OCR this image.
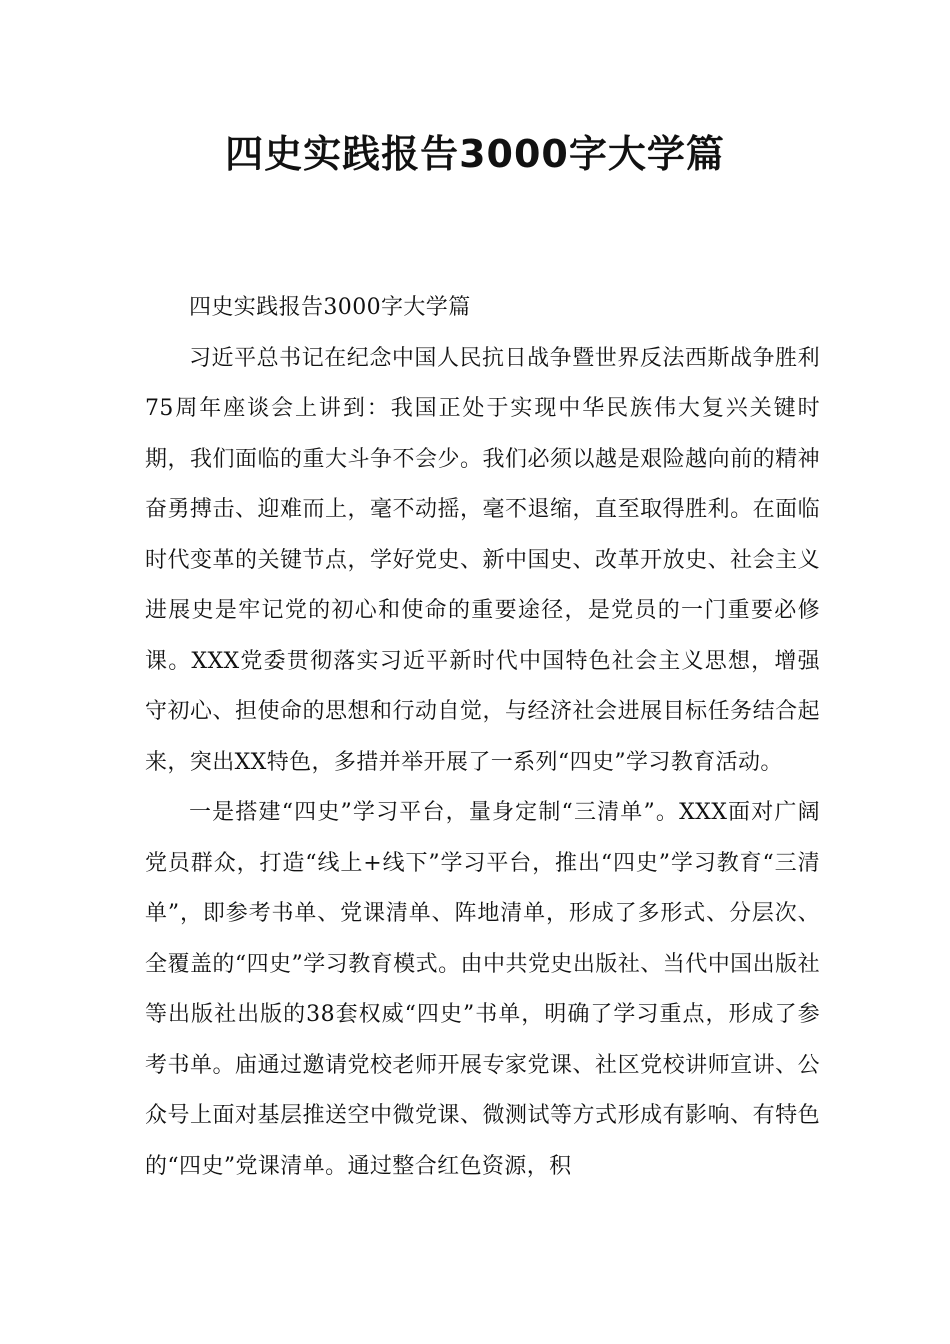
四史实践报告3000字大学篇

四史实践报告3000字大学篇

习近平总书记在纪念中国人民抗日战争暨世界反法西斯战争胜利75周年座谈会上讲到：我国正处于实现中华民族伟大复兴关键时期，我们面临的重大斗争不会少。我们必须以越是艰险越向前的精神奋勇搏击、迎难而上，毫不动摇，毫不退缩，直至取得胜利。在面临时代变革的关键节点，学好党史、新中国史、改革开放史、社会主义进展史是牢记党的初心和使命的重要途径，是党员的一门重要必修课。XXX党委贯彻落实习近平新时代中国特色社会主义思想，增强守初心、担使命的思想和行动自觉，与经济社会进展目标任务结合起来，突出XX特色，多措并举开展了一系列“四史”学习教育活动。

一是搭建“四史”学习平台，量身定制“三清单”。XXX面对广阔党员群众，打造“线上+线下”学习平台，推出“四史”学习教育“三清单”，即参考书单、党课清单、阵地清单，形成了多形式、分层次、全覆盖的“四史”学习教育模式。由中共党史出版社、当代中国出版社等出版社出版的38套权威“四史”书单，明确了学习重点，形成了参考书单。庙通过邀请党校老师开展专家党课、社区党校讲师宣讲、公众号上面对基层推送空中微党课、微测试等方式形成有影响、有特色的“四史”党课清单。通过整合红色资源，积
